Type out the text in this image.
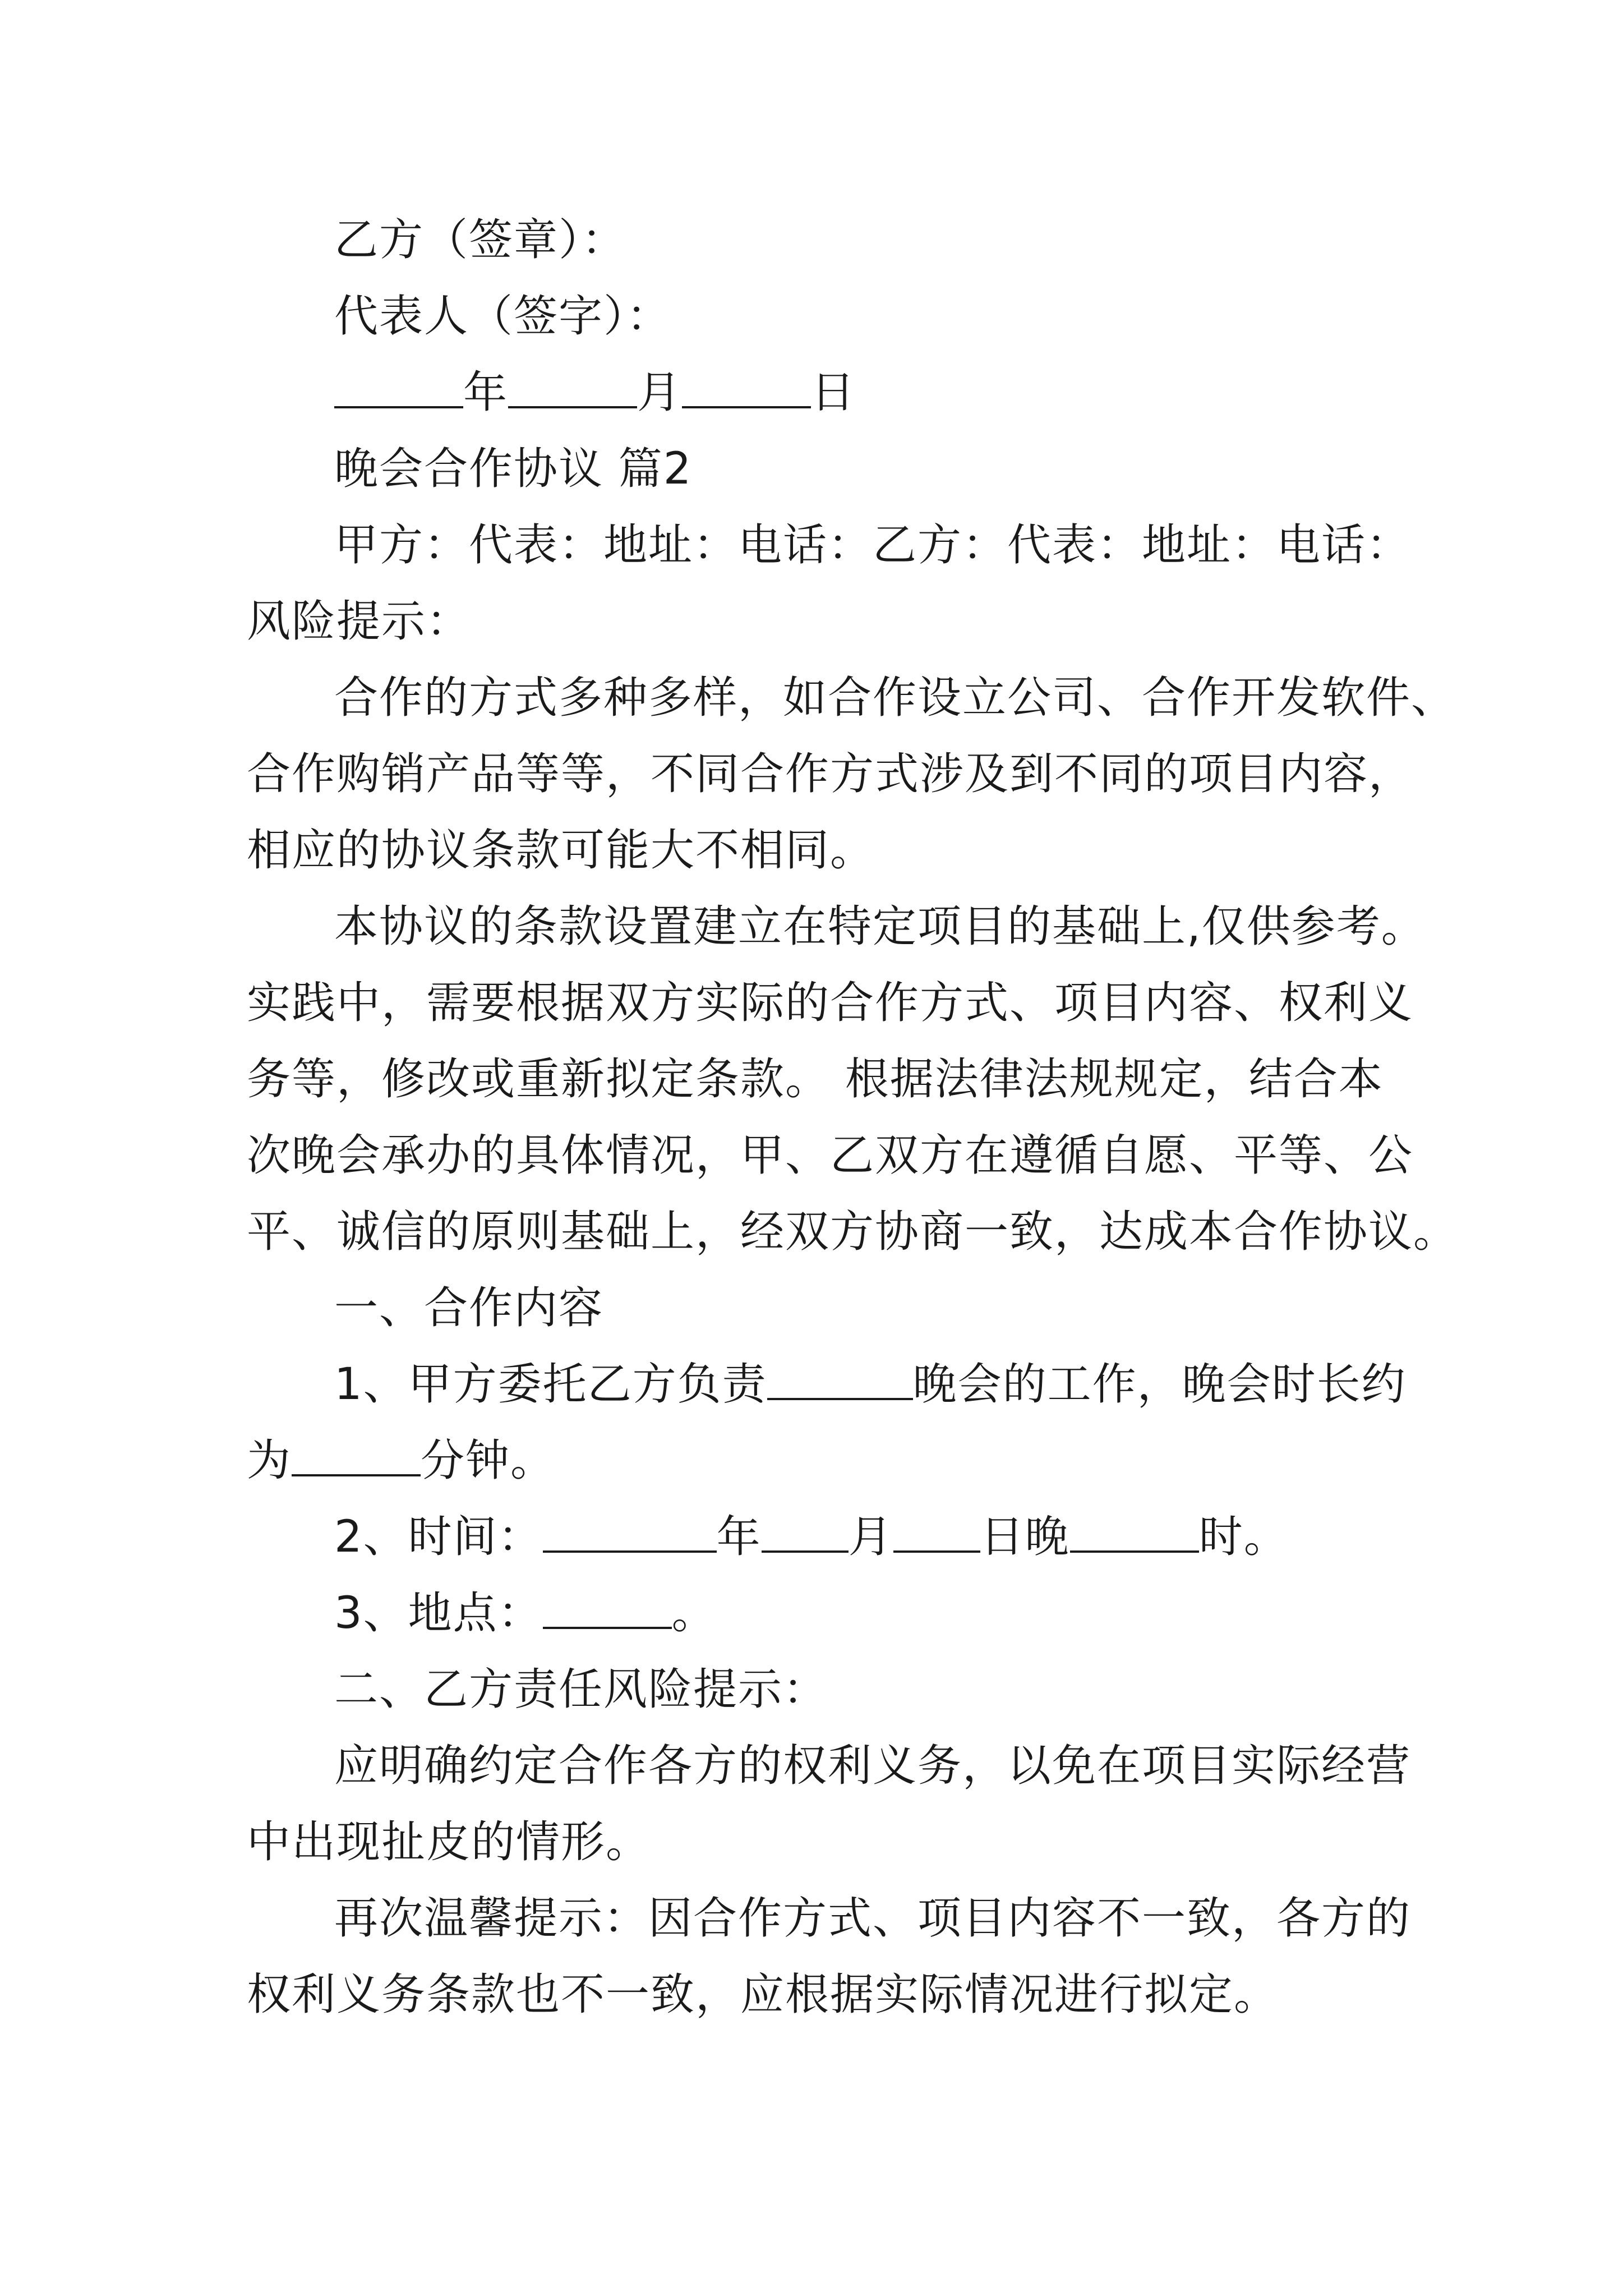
乙方（签章）：
代表人（签字）：
年	月	日
晚会合作协议 篇2
甲方：代表：地址：电话：乙方：代表：地址：电话：
风险提示：
合作的方式多种多样，如合作设立公司、合作开发软件、
合作购销产品等等，不同合作方式涉及到不同的项目内容，
相应的协议条款可能大不相同。
本协议的条款设置建立在特定项目的基础上,仅供参考。
实践中，需要根据双方实际的合作方式、项目内容、权利义
务等，修改或重新拟定条款。 根据法律法规规定，结合本
次晚会承办的具体情况，甲、乙双方在遵循自愿、平等、公
平、诚信的原则基础上，经双方协商一致，达成本合作协议。
一、合作内容
1、甲方委托乙方负责	晚会的工作，晚会时长约
为	分钟。
2、时间：	年 月 日晚	时。
3、地点：	。
二、乙方责任风险提示：
应明确约定合作各方的权利义务，以免在项目实际经营
中出现扯皮的情形。
再次温馨提示：因合作方式、项目内容不一致，各方的
权利义务条款也不一致，应根据实际情况进行拟定。
